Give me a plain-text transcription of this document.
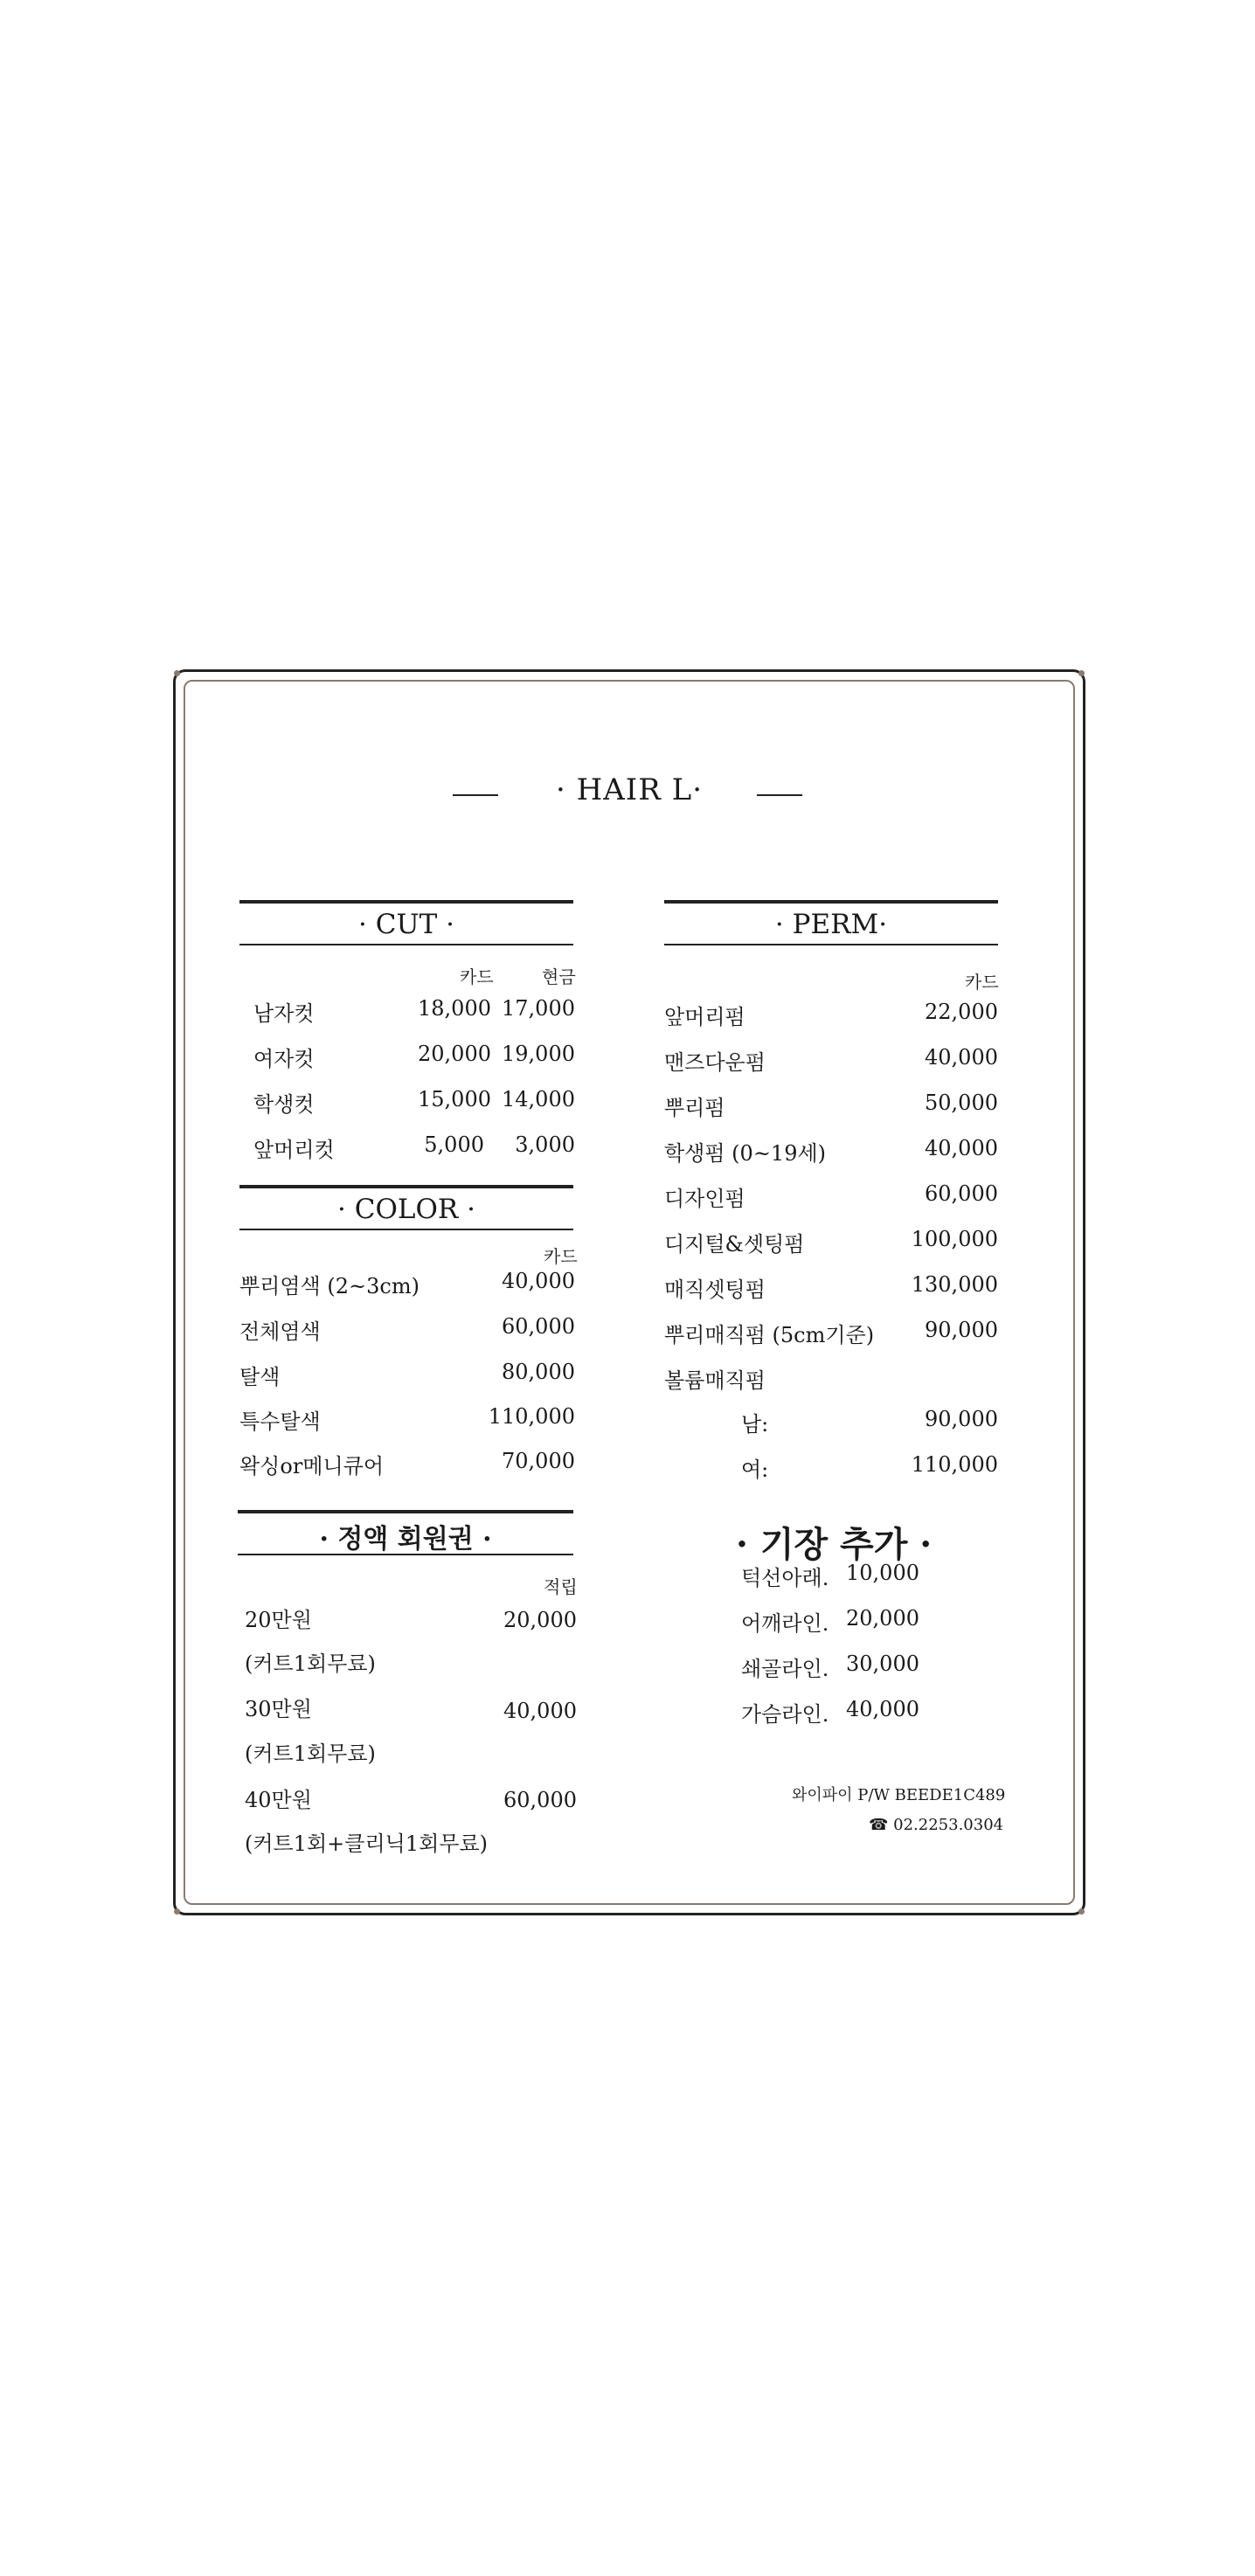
· HAIR L·
· CUT ·
카드	현금
남자컷	18,000 17,000
여자컷	20,000 19,000
학생컷	15,000 14,000
앞머리컷	5,000	3,000
· COLOR ·
카드
뿌리염색 (2~3cm)	40,000
전체염색	60,000
탈색	80,000
특수탈색	110,000
왁싱or메니큐어	70,000
· 정액 회원권 ·
적립
20만원	20,000
(커트1회무료)
30만원	40,000
(커트1회무료)
40만원	60,000
(커트1회+클리닉1회무료)
· PERM·
카드
앞머리펌	22,000
맨즈다운펌	40,000
뿌리펌	50,000
학생펌 (0~19세)	40,000
디자인펌	60,000
디지털&셋팅펌	100,000
매직셋팅펌	130,000
뿌리매직펌 (5cm기준)	90,000
볼륨매직펌
남:	90,000
여:	110,000
· 기장 추가 ·
턱선아래. 10,000
어깨라인. 20,000
쇄골라인. 30,000
가슴라인. 40,000
와이파이 P/W BEEDE1C489
☎ 02.2253.0304
